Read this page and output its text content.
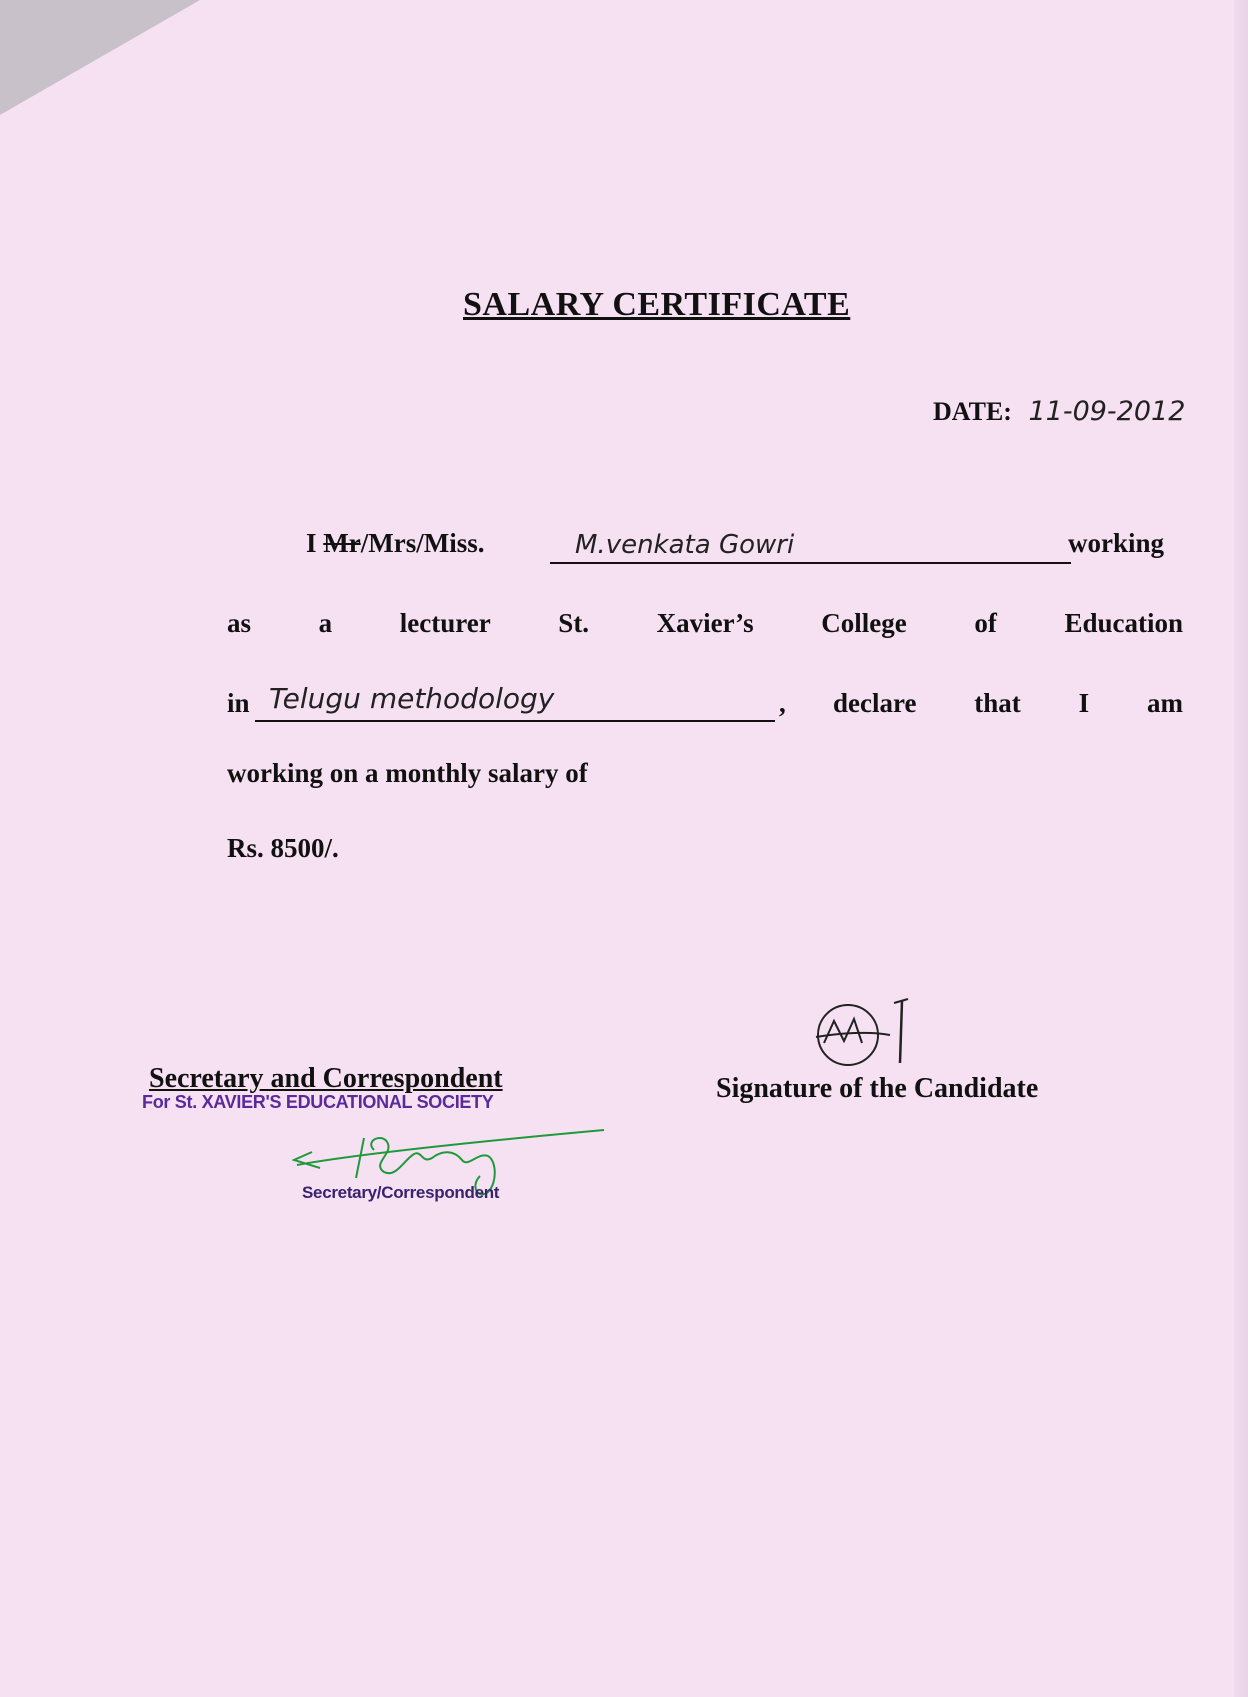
SALARY CERTIFICATE
DATE: 11-09-2012
I Mr/Mrs/Miss.	M.venkata Gowri	working
as	a	lecturer	St.	Xavier’s	College	of	Education
in Telugu methodology	, declare that I am
working on a monthly salary of
Rs. 8500/.
Secretary and Correspondent
For St. XAVIER'S EDUCATIONAL SOCIETY
Secretary/Correspondent
Signature of the Candidate
